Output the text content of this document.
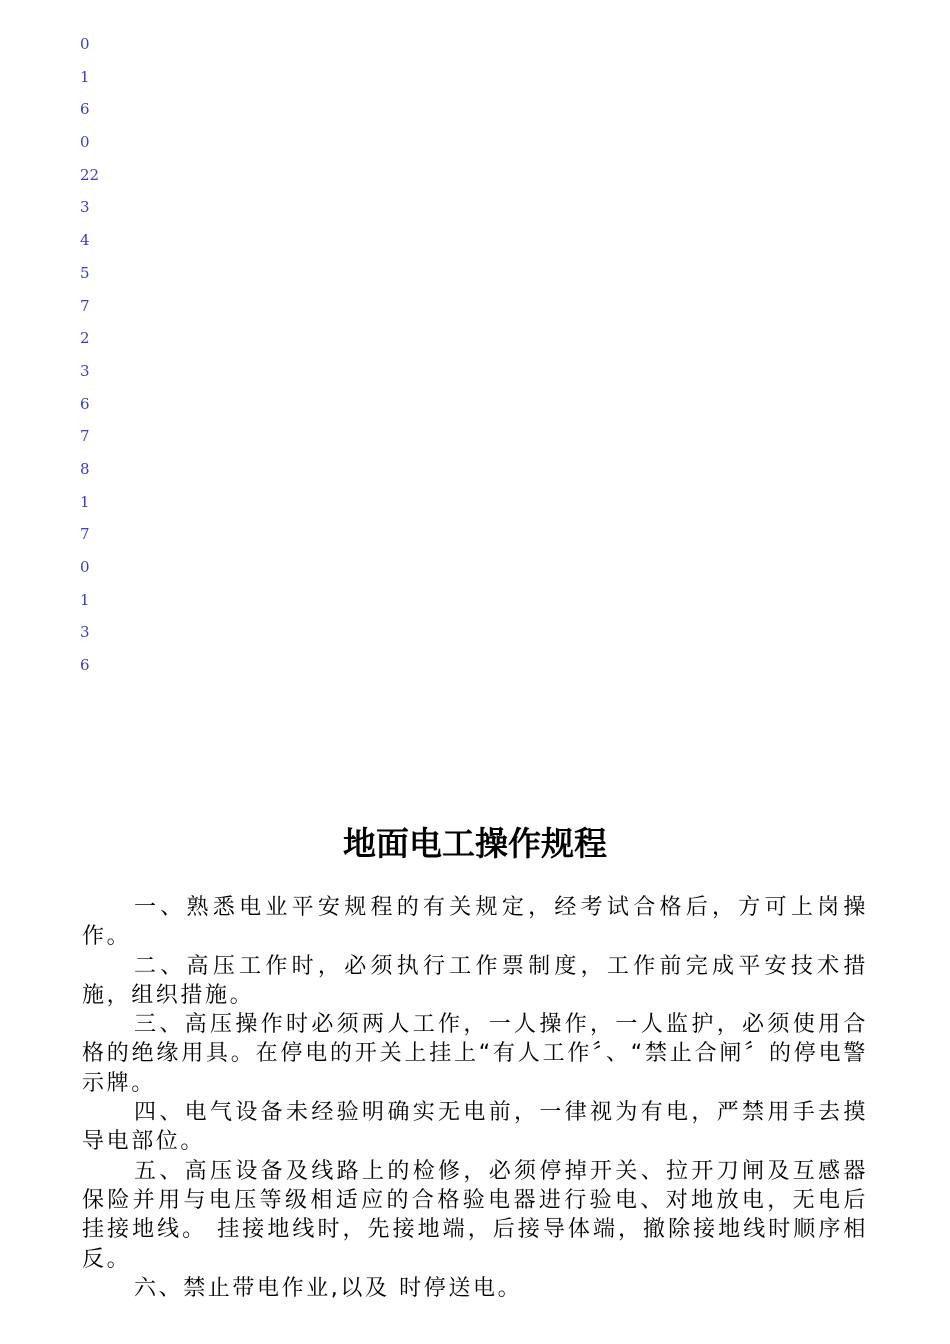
0
1
6
0
22
3
4
5
7
2
3
6
7
8
1
7
0
1
3
6
地面电工操作规程

一、熟悉电业平安规程的有关规定，经考试合格后，方可上岗操作。

二、高压工作时，必须执行工作票制度，工作前完成平安技术措施，组织措施。

三、高压操作时必须两人工作，一人操作，一人监护，必须使用合格的绝缘用具。在停电的开关上挂上“有人工作〞、“禁止合闸〞的停电警示牌。

四、电气设备未经验明确实无电前，一律视为有电，严禁用手去摸导电部位。

五、高压设备及线路上的检修，必须停掉开关、拉开刀闸及互感器保险并用与电压等级相适应的合格验电器进行验电、对地放电，无电后挂接地线。 挂接地线时，先接地端，后接导体端，撤除接地线时顺序相反。

六、禁止带电作业,以及 时停送电。
